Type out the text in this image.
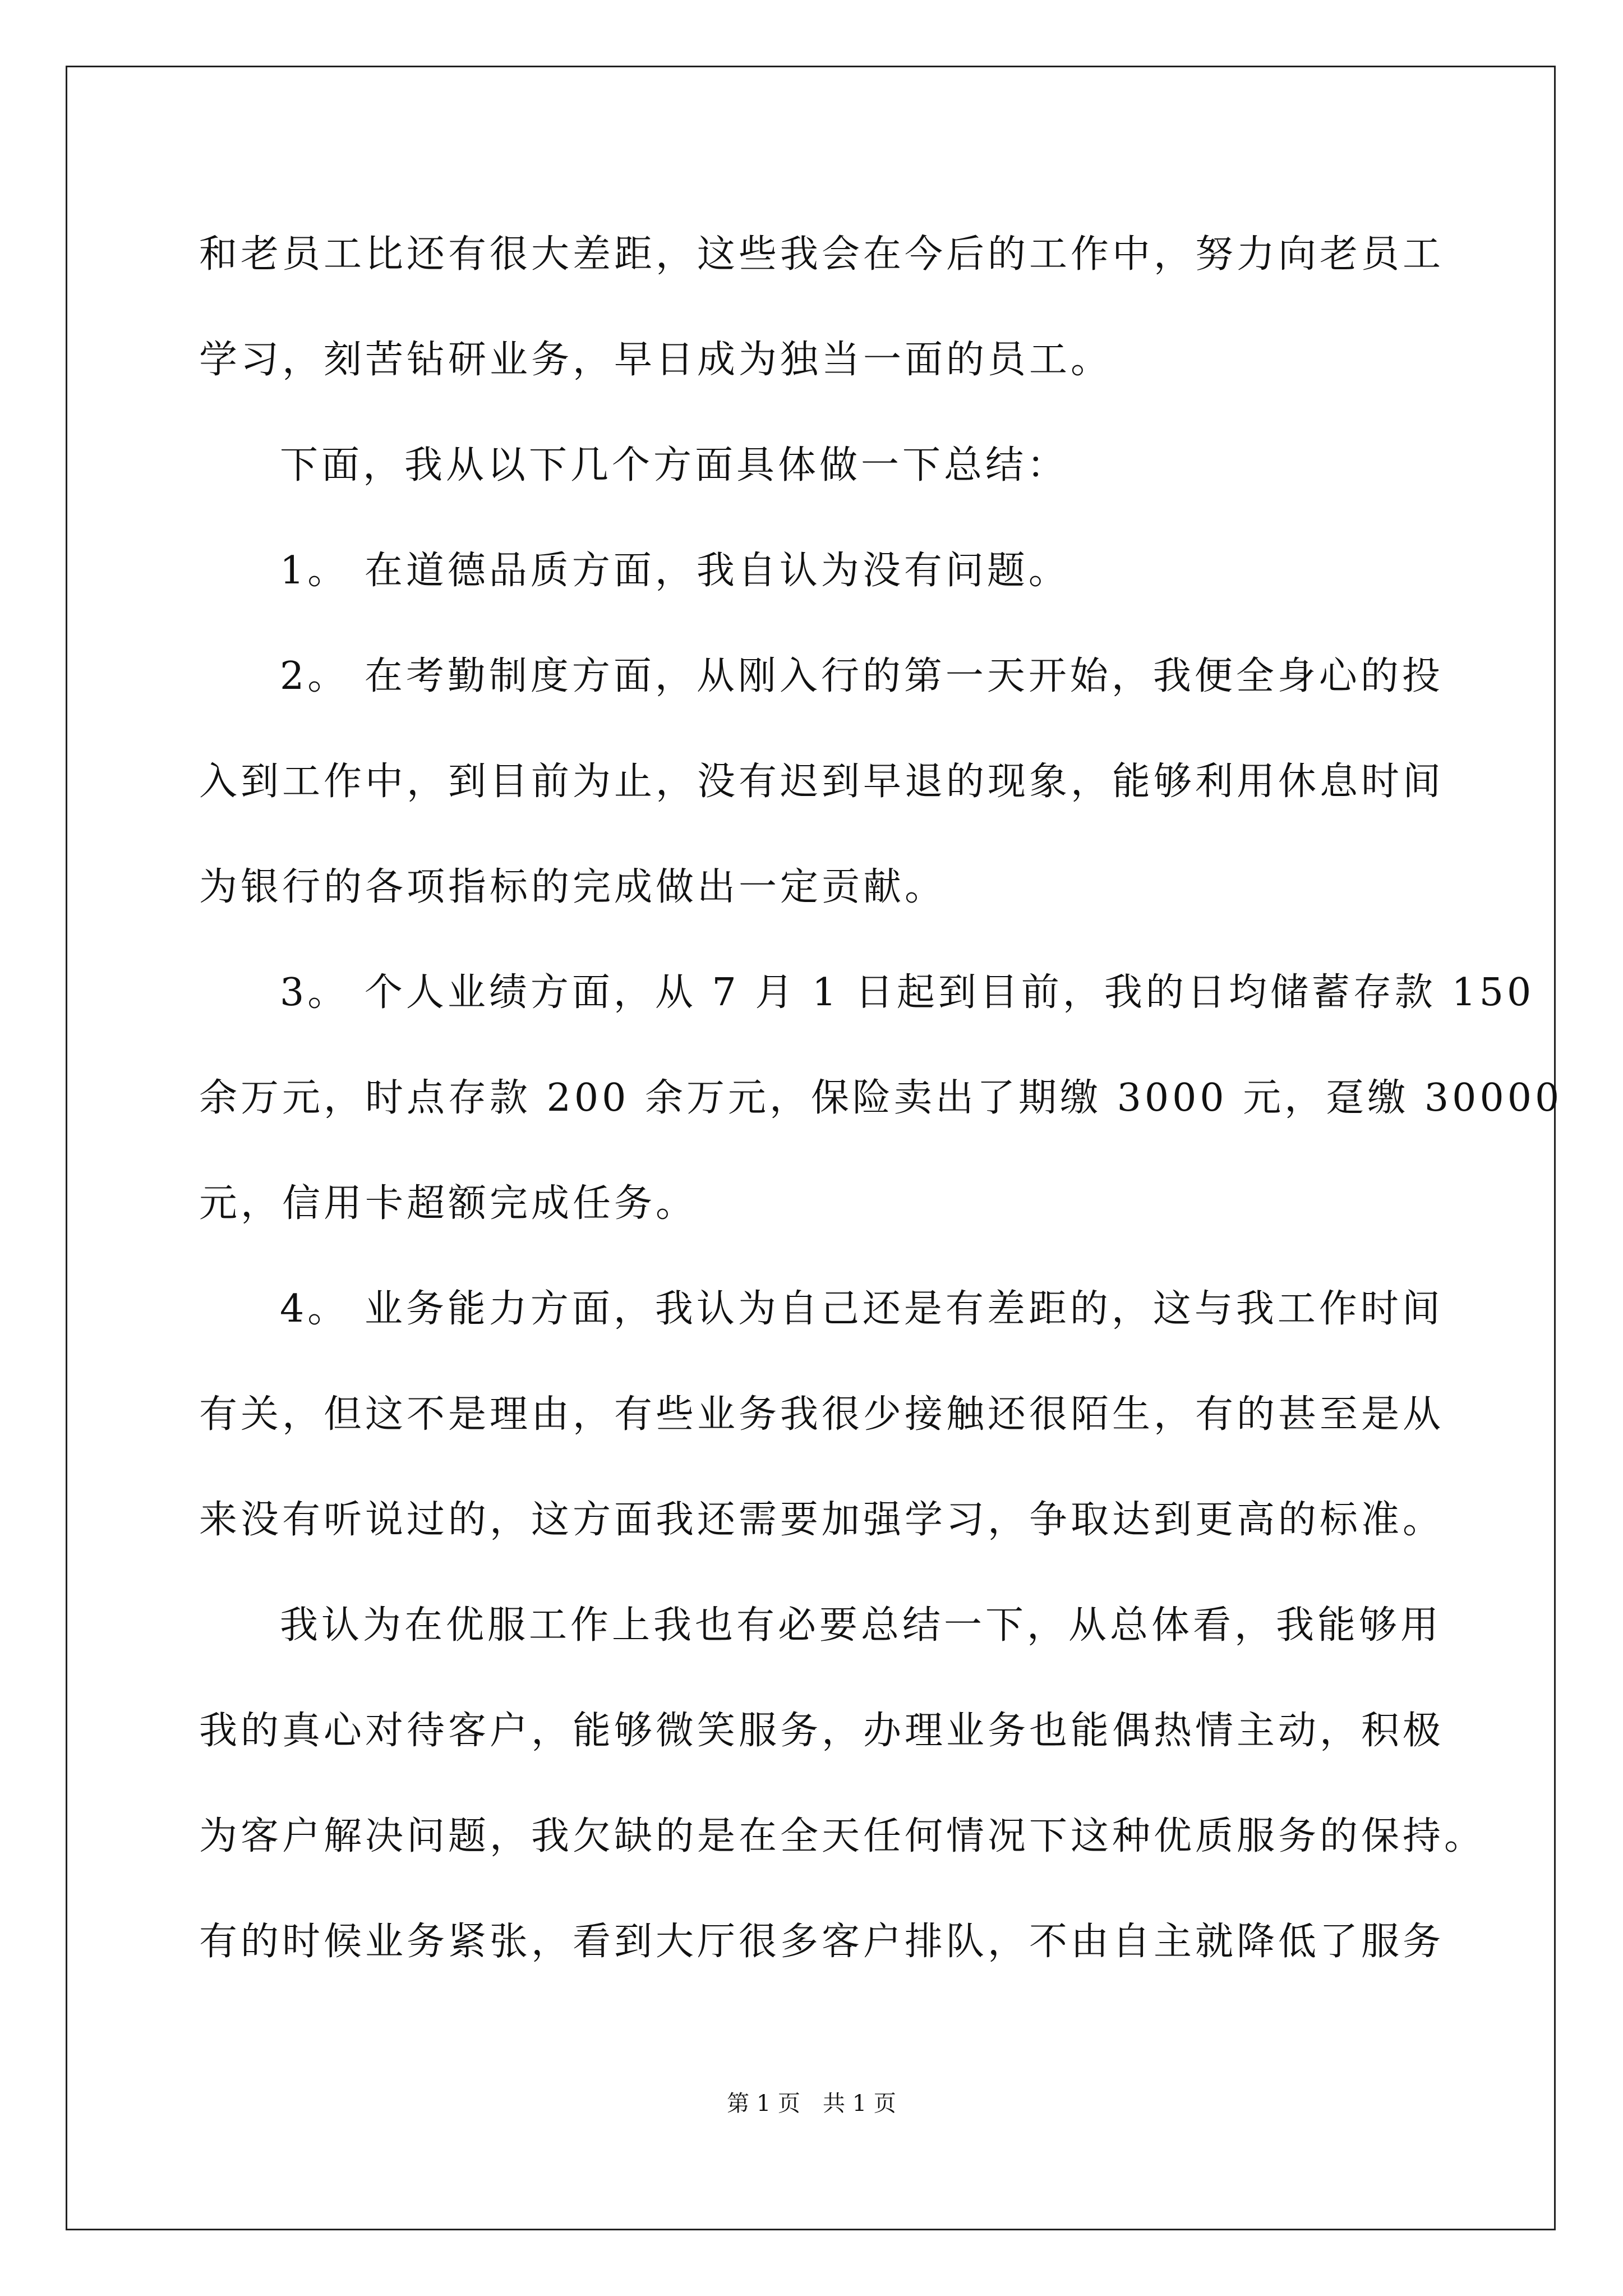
和老员工比还有很大差距，这些我会在今后的工作中，努力向老员工
学习，刻苦钻研业务，早日成为独当一面的员工。
下面，我从以下几个方面具体做一下总结：
1。 在道德品质方面，我自认为没有问题。
2。 在考勤制度方面，从刚入行的第一天开始，我便全身心的投
入到工作中，到目前为止，没有迟到早退的现象，能够利用休息时间
为银行的各项指标的完成做出一定贡献。
3。 个人业绩方面，从 7 月 1 日起到目前，我的日均储蓄存款 150
余万元，时点存款 200 余万元，保险卖出了期缴 3000 元，趸缴 30000
元，信用卡超额完成任务。
4。 业务能力方面，我认为自己还是有差距的，这与我工作时间
有关，但这不是理由，有些业务我很少接触还很陌生，有的甚至是从
来没有听说过的，这方面我还需要加强学习，争取达到更高的标准。
我认为在优服工作上我也有必要总结一下，从总体看，我能够用
我的真心对待客户，能够微笑服务，办理业务也能偶热情主动，积极
为客户解决问题，我欠缺的是在全天任何情况下这种优质服务的保持。
有的时候业务紧张，看到大厅很多客户排队，不由自主就降低了服务
第 1 页　共 1 页
